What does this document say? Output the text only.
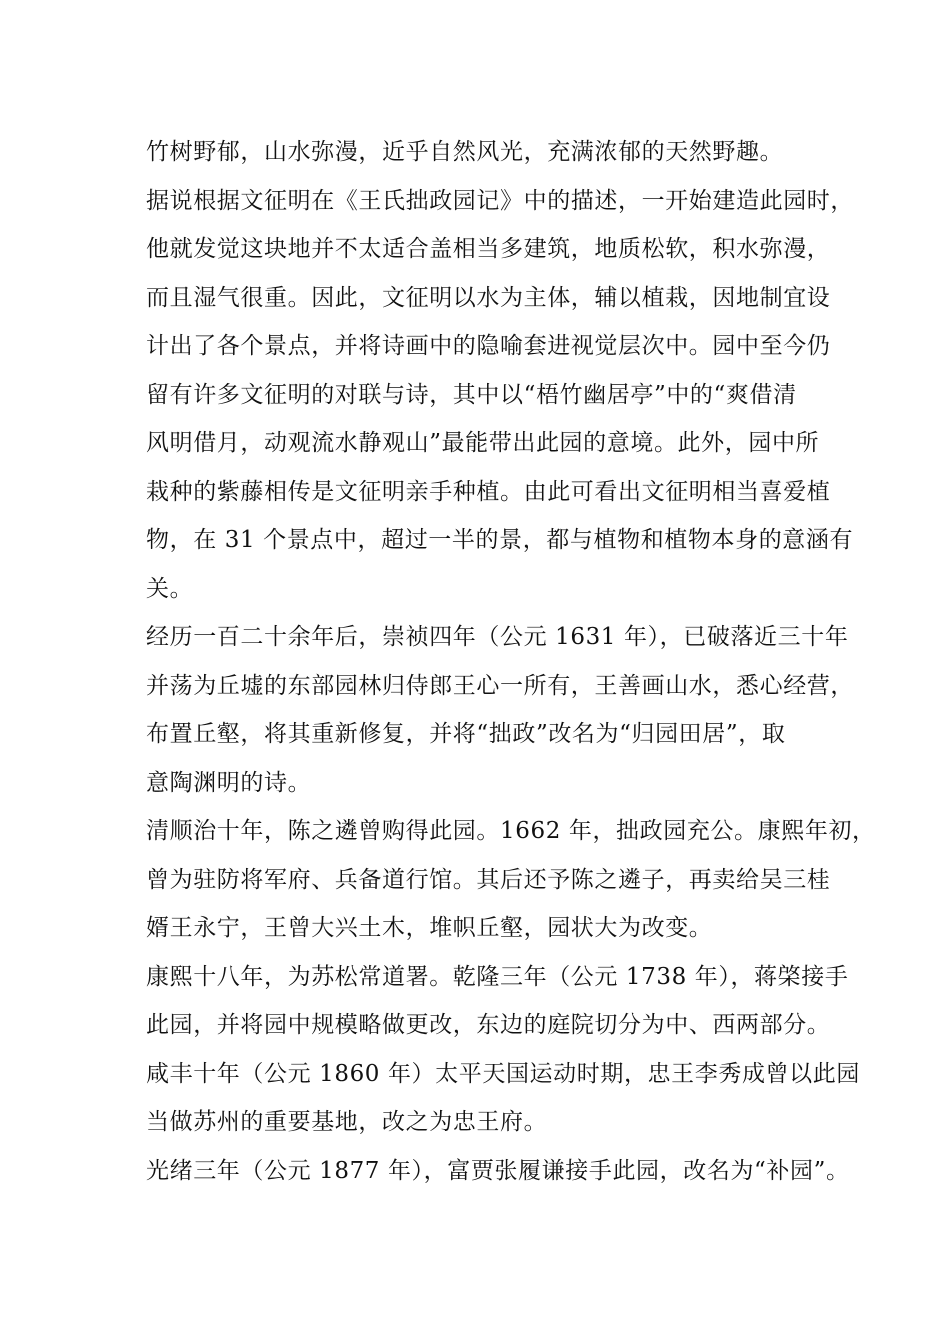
竹树野郁，山水弥漫，近乎自然风光，充满浓郁的天然野趣。
据说根据文征明在《王氏拙政园记》中的描述，一开始建造此园时，
他就发觉这块地并不太适合盖相当多建筑，地质松软，积水弥漫，
而且湿气很重。因此，文征明以水为主体，辅以植栽，因地制宜设
计出了各个景点，并将诗画中的隐喻套进视觉层次中。园中至今仍
留有许多文征明的对联与诗，其中以“梧竹幽居亭”中的“爽借清
风明借月，动观流水静观山”最能带出此园的意境。此外，园中所
栽种的紫藤相传是文征明亲手种植。由此可看出文征明相当喜爱植
物，在 31 个景点中，超过一半的景，都与植物和植物本身的意涵有
关。
经历一百二十余年后，崇祯四年（公元 1631 年），已破落近三十年
并荡为丘墟的东部园林归侍郎王心一所有，王善画山水，悉心经营，
布置丘壑，将其重新修复，并将“拙政”改名为“归园田居”，取
意陶渊明的诗。
清顺治十年，陈之遴曾购得此园。1662 年，拙政园充公。康熙年初，
曾为驻防将军府、兵备道行馆。其后还予陈之遴子，再卖给吴三桂
婿王永宁，王曾大兴土木，堆帜丘壑，园状大为改变。
康熙十八年，为苏松常道署。乾隆三年（公元 1738 年），蒋棨接手
此园，并将园中规模略做更改，东边的庭院切分为中、西两部分。
咸丰十年（公元 1860 年）太平天国运动时期，忠王李秀成曾以此园
当做苏州的重要基地，改之为忠王府。
光绪三年（公元 1877 年），富贾张履谦接手此园，改名为“补园”。
